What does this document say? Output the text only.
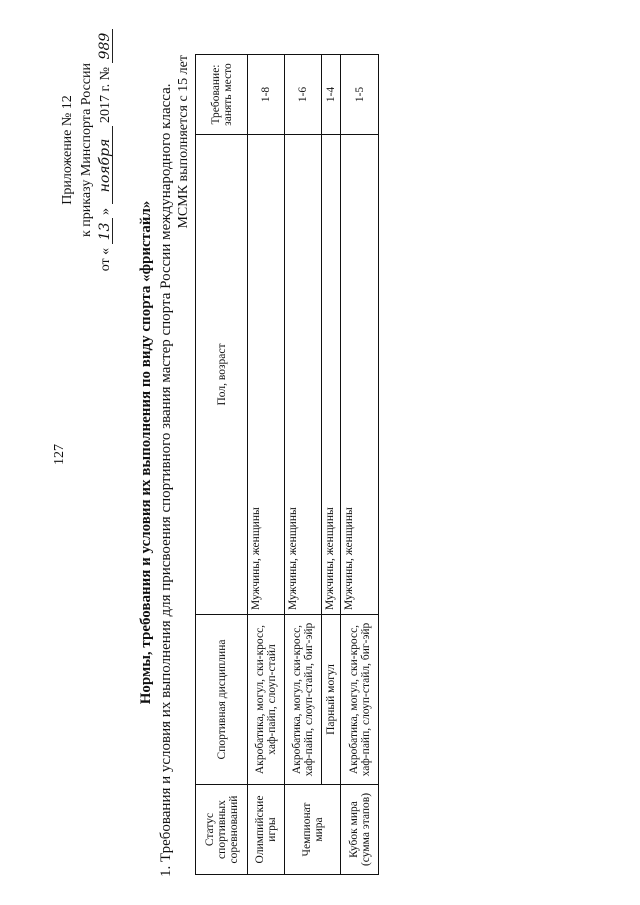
127
Приложение № 12 к приказу Минспорта России
от « 13 » ноября 2017 г. № 989
Нормы, требования и условия их выполнения по виду спорта «фристайл» 1. Требования и условия их выполнения для присвоения спортивного звания мастер спорта России международного класса. МСМК выполняется с 15 лет
Статус спортивных соревнований	Спортивная дисциплина	Пол, возраст	Требование: занять место
Олимпийские игры	Акробатика, могул, ски-кросс, хаф-пайп, слоуп-стайл	Мужчины, женщины	1-8
Чемпионат мира	Акробатика, могул, ски-кросс, хаф-пайп, слоуп-стайл, биг-эйр	Мужчины, женщины	1-6
	Парный могул	Мужчины, женщины	1-4
Кубок мира (сумма этапов)	Акробатика, могул, ски-кросс, хаф-пайп, слоуп-стайл, биг-эйр	Мужчины, женщины	1-5
